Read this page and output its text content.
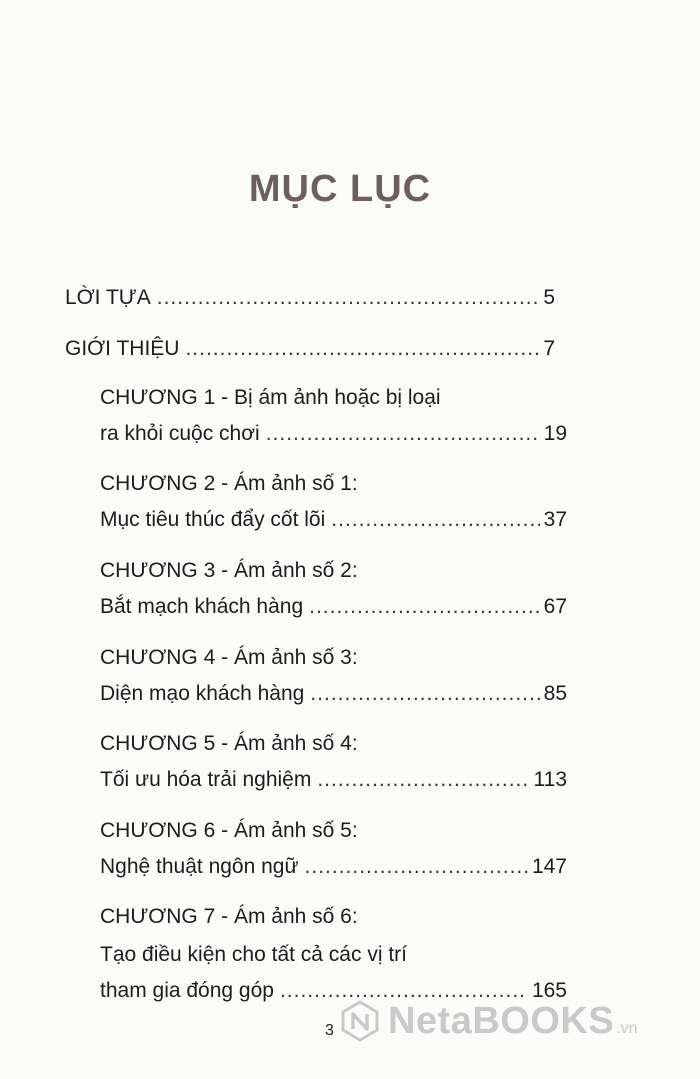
MỤC LỤC
LỜI TỰA .....	5
GIỚI THIỆU .....	7
CHƯƠNG 1 - Bị ám ảnh hoặc bị loại
ra khỏi cuộc chơi .....	19
CHƯƠNG 2 - Ám ảnh số 1:
Mục tiêu thúc đẩy cốt lõi .....	37
CHƯƠNG 3 - Ám ảnh số 2:
Bắt mạch khách hàng .....	67
CHƯƠNG 4 - Ám ảnh số 3:
Diện mạo khách hàng .....	85
CHƯƠNG 5 - Ám ảnh số 4:
Tối ưu hóa trải nghiệm .....	113
CHƯƠNG 6 - Ám ảnh số 5:
Nghệ thuật ngôn ngữ .....	147
CHƯƠNG 7 - Ám ảnh số 6:
Tạo điều kiện cho tất cả các vị trí
tham gia đóng góp .....	165
3 NetaBOOKS .vn
